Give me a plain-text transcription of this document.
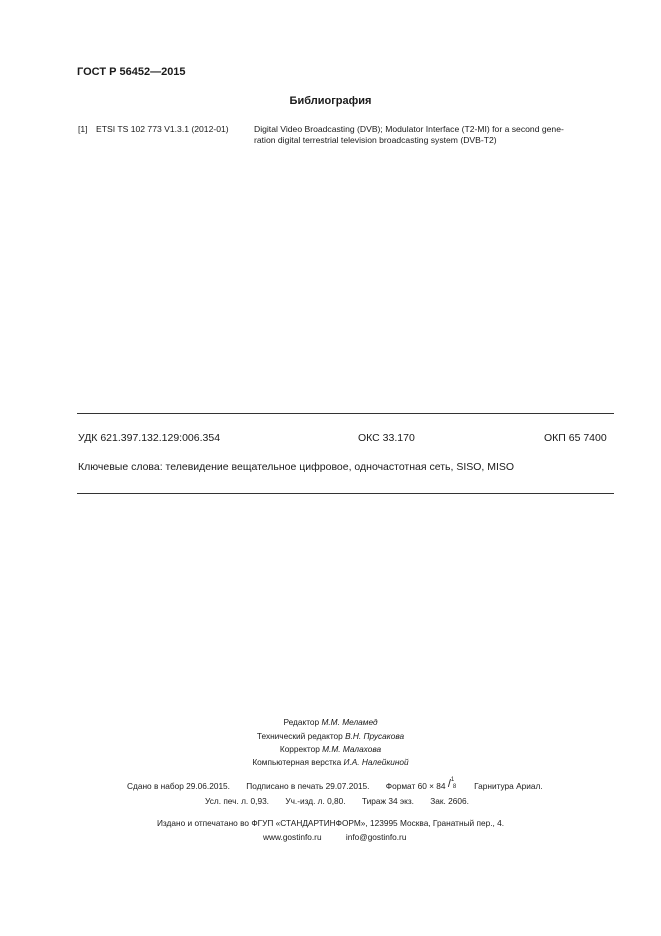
ГОСТ Р 56452—2015
Библиография
[1] ETSI TS 102 773 V1.3.1 (2012-01)	Digital Video Broadcasting (DVB); Modulator Interface (T2-MI) for a second gene-
ration digital terrestrial television broadcasting system (DVB-T2)
УДК 621.397.132.129:006.354	ОКС 33.170	ОКП 65 7400
Ключевые слова: телевидение вещательное цифровое, одночастотная сеть, SISO, MISO
Редактор М.М. Меламед
Технический редактор В.Н. Прусакова
Корректор М.М. Малахова
Компьютерная верстка И.А. Налейкиной
Сдано в набор 29.06.2015. Подписано в печать 29.07.2015. Формат 60 × 84
1
/ 8 Гарнитура Ариал.
Усл. печ. л. 0,93. Уч.-изд. л. 0,80. Тираж 34 экз. Зак. 2606.
Издано и отпечатано во ФГУП «СТАНДАРТИНФОРМ», 123995 Москва, Гранатный пер., 4.
www.gostinfo.ru	info@gostinfo.ru
